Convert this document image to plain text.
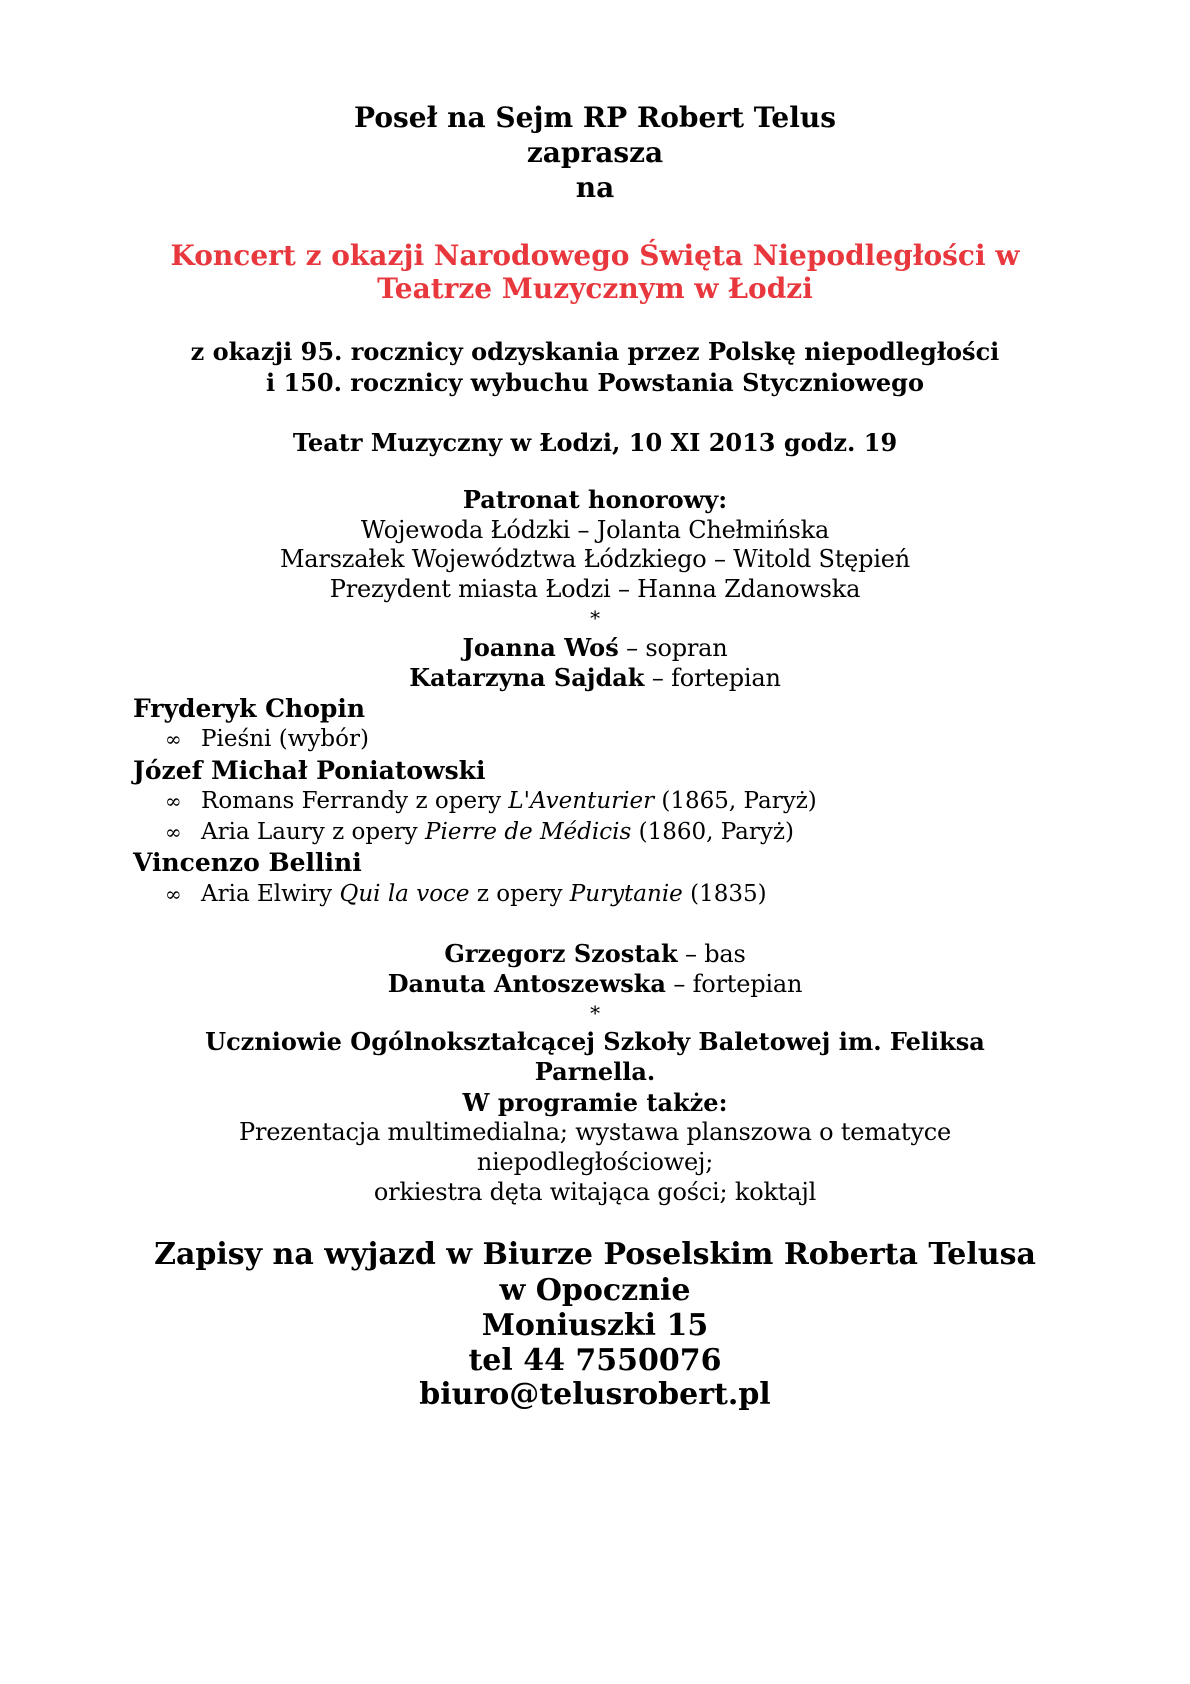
Poseł na Sejm RP Robert Telus
zaprasza
na
Koncert z okazji Narodowego Święta Niepodległości w
Teatrze Muzycznym w Łodzi
z okazji 95. rocznicy odzyskania przez Polskę niepodległości
i 150. rocznicy wybuchu Powstania Styczniowego
Teatr Muzyczny w Łodzi, 10 XI 2013 godz. 19
Patronat honorowy:
Wojewoda Łódzki – Jolanta Chełmińska
Marszałek Województwa Łódzkiego – Witold Stępień
Prezydent miasta Łodzi – Hanna Zdanowska
*
Joanna Woś – sopran
Katarzyna Sajdak – fortepian
Fryderyk Chopin
∞ Pieśni (wybór)
Józef Michał Poniatowski
∞ Romans Ferrandy z opery L'Aventurier (1865, Paryż)
∞ Aria Laury z opery Pierre de Médicis (1860, Paryż)
Vincenzo Bellini
∞ Aria Elwiry Qui la voce z opery Purytanie (1835)
Grzegorz Szostak – bas
Danuta Antoszewska – fortepian
*
Uczniowie Ogólnokształcącej Szkoły Baletowej im. Feliksa
Parnella.
W programie także:
Prezentacja multimedialna; wystawa planszowa o tematyce
niepodległościowej;
orkiestra dęta witająca gości; koktajl
Zapisy na wyjazd w Biurze Poselskim Roberta Telusa
w Opocznie
Moniuszki 15
tel 44 7550076
biuro@telusrobert.pl
